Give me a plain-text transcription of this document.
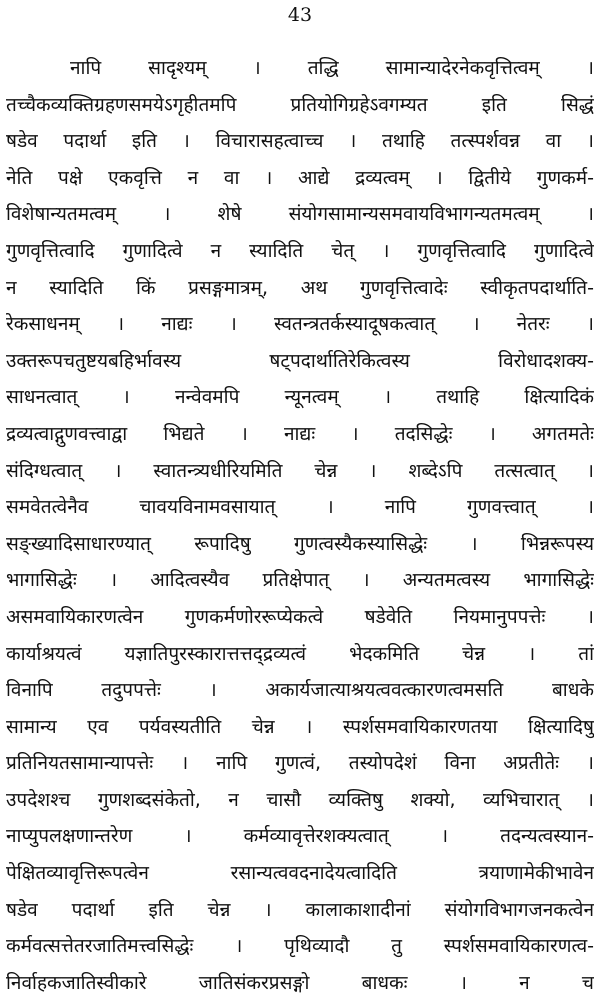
43
नापि सादृश्यम् । तद्धि सामान्यादेरनेकवृत्तित्वम् ।
तच्चैकव्यक्तिग्रहणसमयेऽगृहीतमपि प्रतियोगिग्रहेऽवगम्यत इति सिद्धं
षडेव पदार्था इति । विचारासहत्वाच्च । तथाहि तत्स्पर्शवन्न वा ।
नेति पक्षे एकवृत्ति न वा । आद्ये द्रव्यत्वम् । द्वितीये गुणकर्म-
विशेषान्यतमत्वम् । शेषे संयोगसामान्यसमवायविभागन्यतमत्वम् ।
गुणवृत्तित्वादि गुणादित्वे न स्यादिति चेत् । गुणवृत्तित्वादि गुणादित्वे
न स्यादिति किं प्रसङ्गमात्रम्, अथ गुणवृत्तित्वादेः स्वीकृतपदार्थाति-
रेकसाधनम् । नाद्यः । स्वतन्त्रतर्कस्यादूषकत्वात् । नेतरः ।
उक्तरूपचतुष्टयबहिर्भावस्य षट्पदार्थातिरेकित्वस्य विरोधादशक्य-
साधनत्वात् । नन्वेवमपि न्यूनत्वम् । तथाहि क्षित्यादिकं
द्रव्यत्वाद्गुणवत्त्वाद्वा भिद्यते । नाद्यः । तदसिद्धेः । अगतमतेः
संदिग्धत्वात् । स्वातन्त्र्यधीरियमिति चेन्न । शब्देऽपि तत्सत्वात् ।
समवेतत्वेनैव चावयविनामवसायात् । नापि गुणवत्त्वात् ।
सङ्ख्यादिसाधारण्यात् रूपादिषु गुणत्वस्यैकस्यासिद्धेः । भिन्नरूपस्य
भागासिद्धेः । आदित्वस्यैव प्रतिक्षेपात् । अन्यतमत्वस्य भागासिद्धेः
असमवायिकारणत्वेन गुणकर्मणोररूप्येकत्वे षडेवेति नियमानुपपत्तेः ।
कार्याश्रयत्वं यज्ञातिपुरस्कारात्तत्तद्द्रव्यत्वं भेदकमिति चेन्न । तां
विनापि तदुपपत्तेः । अकार्यजात्याश्रयत्ववत्कारणत्वमसति बाधके
सामान्य एव पर्यवस्यतीति चेन्न । स्पर्शसमवायिकारणतया क्षित्यादिषु
प्रतिनियतसामान्यापत्तेः । नापि गुणत्वं, तस्योपदेशं विना अप्रतीतेः ।
उपदेशश्च गुणशब्दसंकेतो, न चासौ व्यक्तिषु शक्यो, व्यभिचारात् ।
नाप्युपलक्षणान्तरेण । कर्मव्यावृत्तेरशक्यत्वात् । तदन्यत्वस्यान-
पेक्षितव्यावृत्तिरूपत्वेन रसान्यत्ववदनादेयत्वादिति त्रयाणामेकीभावेन
षडेव पदार्था इति चेन्न । कालाकाशादीनां संयोगविभागजनकत्वेन
कर्मवत्सत्तेतरजातिमत्त्वसिद्धेः । पृथिव्यादौ तु स्पर्शसमवायिकारणत्व-
निर्वाहकजातिस्वीकारे जातिसंकरप्रसङ्गो बाधकः । न च
